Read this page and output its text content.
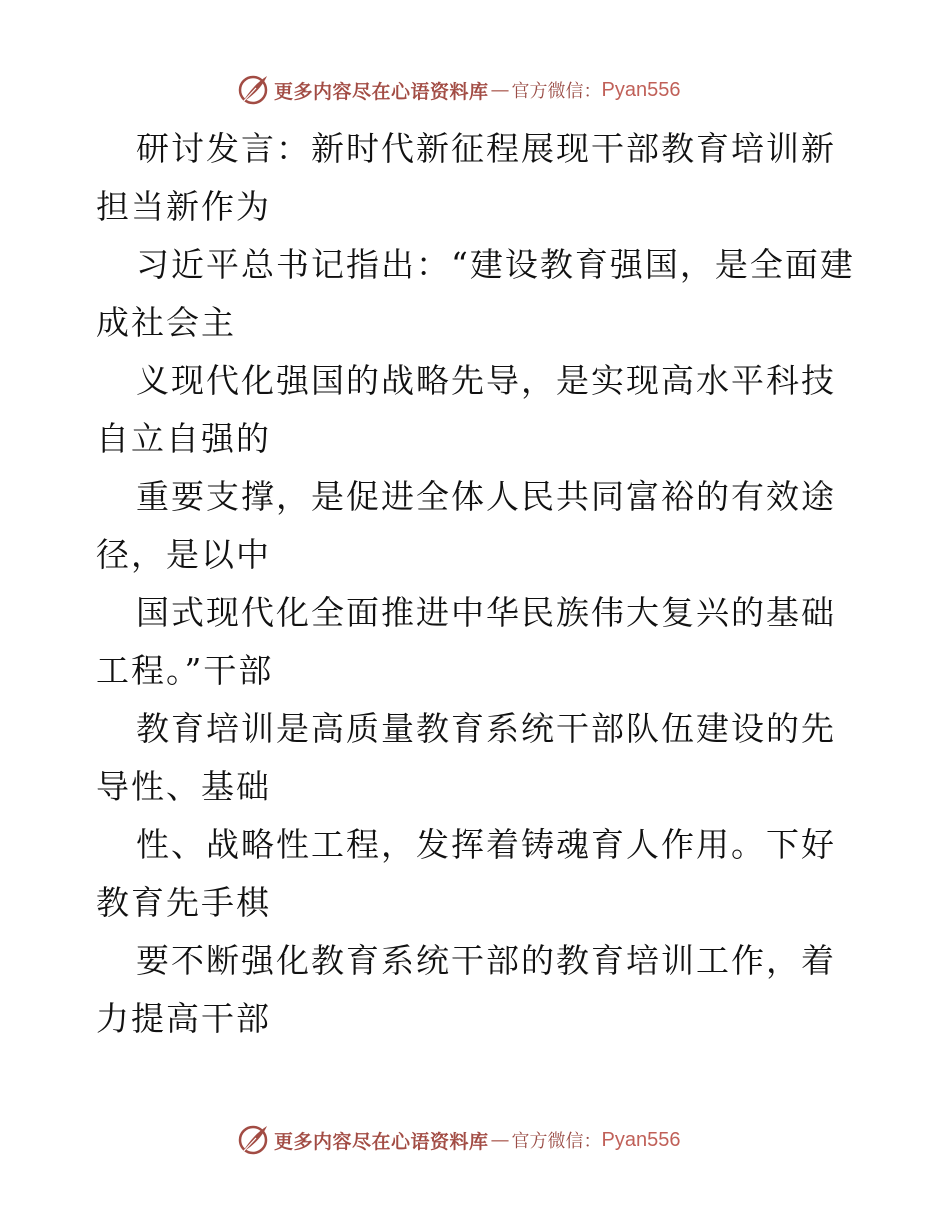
更多内容尽在心语资料库 — 官方微信： Pyan556

研讨发言：新时代新征程展现干部教育培训新担当新作为

习近平总书记指出：“建设教育强国，是全面建成社会主

义现代化强国的战略先导，是实现高水平科技自立自强的

重要支撑，是促进全体人民共同富裕的有效途径，是以中

国式现代化全面推进中华民族伟大复兴的基础工程。”干部

教育培训是高质量教育系统干部队伍建设的先导性、基础

性、战略性工程，发挥着铸魂育人作用。下好教育先手棋

要不断强化教育系统干部的教育培训工作，着力提高干部

更多内容尽在心语资料库 — 官方微信： Pyan556
